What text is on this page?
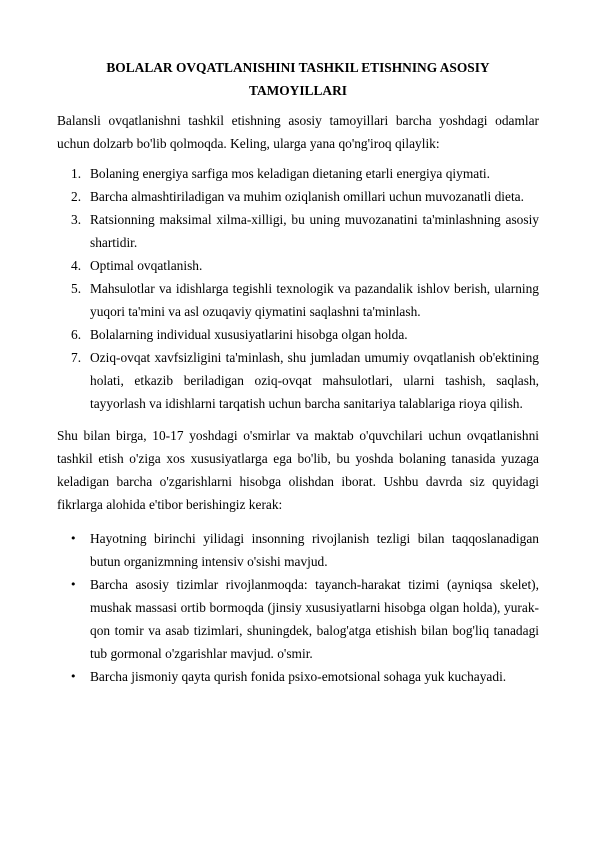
BOLALAR OVQATLANISHINI TASHKIL ETISHNING ASOSIY
TAMOYILLARI

Balansli ovqatlanishni tashkil etishning asosiy tamoyillari barcha yoshdagi odamlar uchun dolzarb bo'lib qolmoqda. Keling, ularga yana qo'ng'iroq qilaylik:

1. Bolaning energiya sarfiga mos keladigan dietaning etarli energiya qiymati.
2. Barcha almashtiriladigan va muhim oziqlanish omillari uchun muvozanatli dieta.
3. Ratsionning maksimal xilma-xilligi, bu uning muvozanatini ta'minlashning asosiy shartidir.
4. Optimal ovqatlanish.
5. Mahsulotlar va idishlarga tegishli texnologik va pazandalik ishlov berish, ularning yuqori ta'mini va asl ozuqaviy qiymatini saqlashni ta'minlash.
6. Bolalarning individual xususiyatlarini hisobga olgan holda.
7. Oziq-ovqat xavfsizligini ta'minlash, shu jumladan umumiy ovqatlanish ob'ektining holati, etkazib beriladigan oziq-ovqat mahsulotlari, ularni tashish, saqlash, tayyorlash va idishlarni tarqatish uchun barcha sanitariya talablariga rioya qilish.

Shu bilan birga, 10-17 yoshdagi o'smirlar va maktab o'quvchilari uchun ovqatlanishni tashkil etish o'ziga xos xususiyatlarga ega bo'lib, bu yoshda bolaning tanasida yuzaga keladigan barcha o'zgarishlarni hisobga olishdan iborat. Ushbu davrda siz quyidagi fikrlarga alohida e'tibor berishingiz kerak:

• Hayotning birinchi yilidagi insonning rivojlanish tezligi bilan taqqoslanadigan butun organizmning intensiv o'sishi mavjud.
• Barcha asosiy tizimlar rivojlanmoqda: tayanch-harakat tizimi (ayniqsa skelet), mushak massasi ortib bormoqda (jinsiy xususiyatlarni hisobga olgan holda), yurak-qon tomir va asab tizimlari, shuningdek, balog'atga etishish bilan bog'liq tanadagi tub gormonal o'zgarishlar mavjud. o'smir.
• Barcha jismoniy qayta qurish fonida psixo-emotsional sohaga yuk kuchayadi.
